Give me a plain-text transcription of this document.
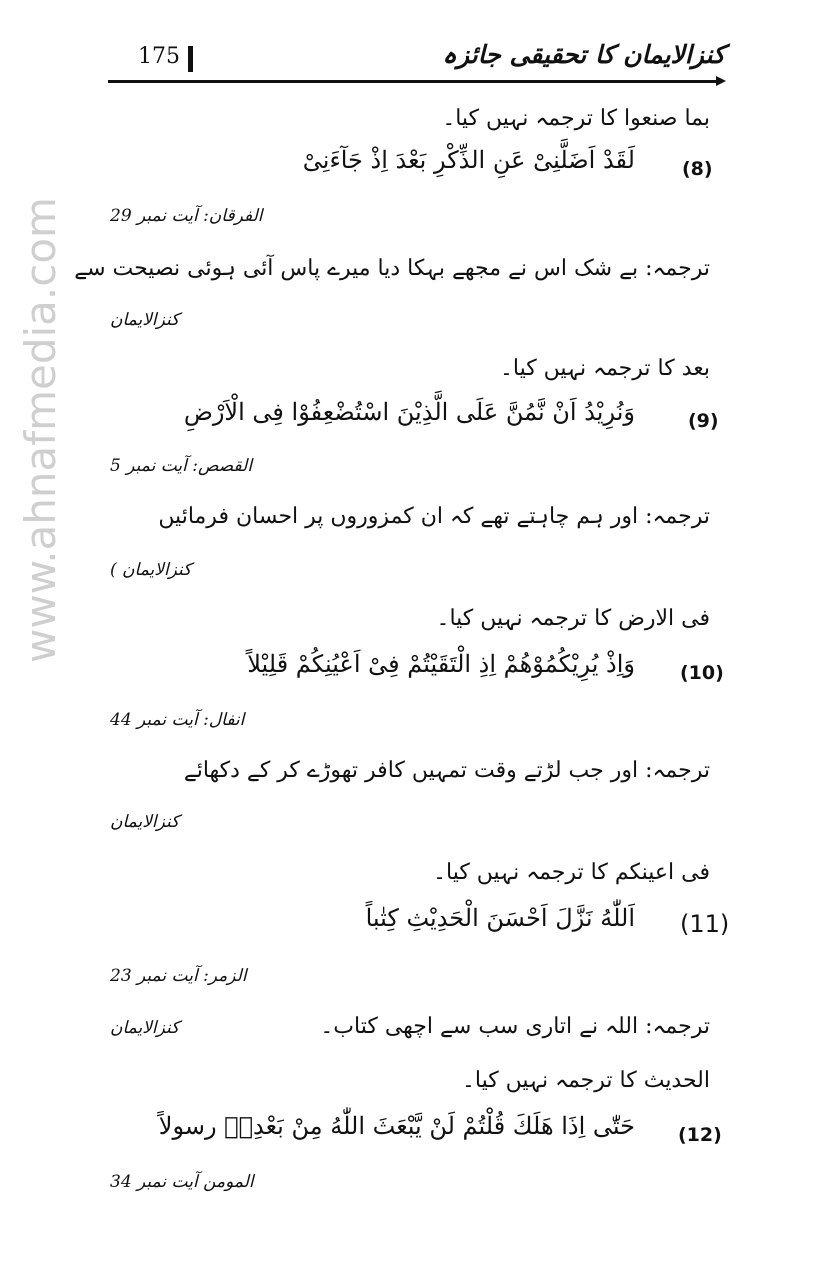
کنزالایمان کا تحقیقی جائزہ
175
www.ahnafmedia.com
بما صنعوا کا ترجمہ نہیں کیا۔
(8)
لَقَدْ اَضَلَّنِیْ عَنِ الذِّکْرِ بَعْدَ اِذْ جَآءَنِیْ
الفرقان: آیت نمبر 29
ترجمہ: بے شک اس نے مجھے بہکا دیا میرے پاس آئی ہوئی نصیحت سے
کنزالایمان
بعد کا ترجمہ نہیں کیا۔
(9)
وَنُرِیْدُ اَنْ نَّمُنَّ عَلَی الَّذِیْنَ اسْتُضْعِفُوْا فِی الْاَرْضِ
القصص: آیت نمبر 5
ترجمہ: اور ہم چاہتے تھے کہ ان کمزوروں پر احسان فرمائیں
کنزالایمان )
فی الارض کا ترجمہ نہیں کیا۔
(10)
وَاِذْ یُرِیْکُمُوْهُمْ اِذِ الْتَقَیْتُمْ فِیْ اَعْیُنِکُمْ قَلِیْلاً
انفال: آیت نمبر 44
ترجمہ: اور جب لڑتے وقت تمہیں کافر تھوڑے کر کے دکھائے
کنزالایمان
فی اعینکم کا ترجمہ نہیں کیا۔
(11)
اَللّٰهُ نَزَّلَ اَحْسَنَ الْحَدِیْثِ کِتٰباً
الزمر: آیت نمبر 23
ترجمہ: اللہ نے اتاری سب سے اچھی کتاب۔
کنزالایمان
الحدیث کا ترجمہ نہیں کیا۔
(12)
حَتّٰی اِذَا هَلَكَ قُلْتُمْ لَنْ یَّبْعَثَ اللّٰهُ مِنْ بَعْدِهٖ رسولاً
المومن آیت نمبر 34
